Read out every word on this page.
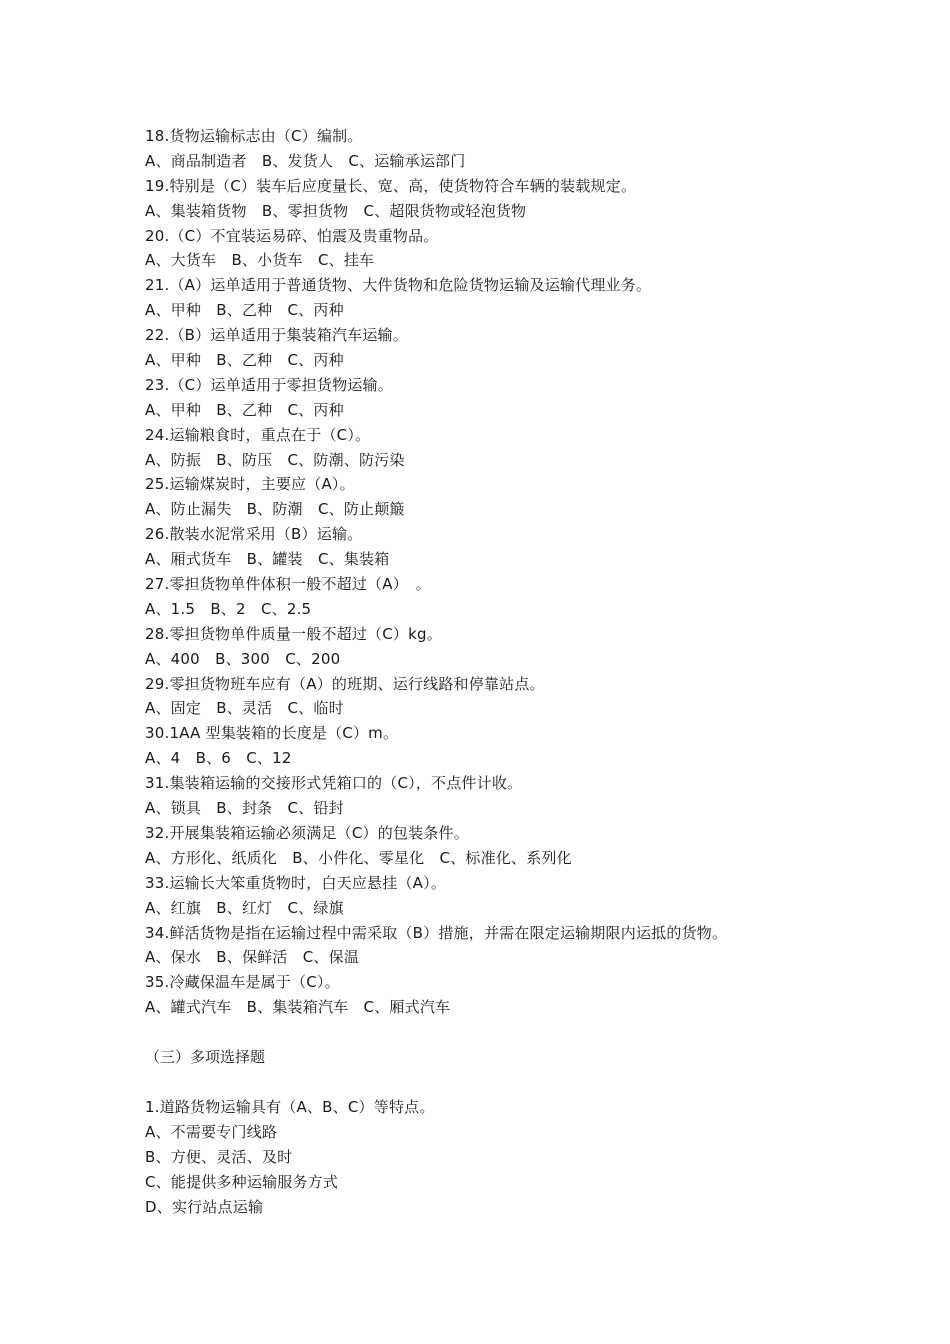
18.货物运输标志由（C）编制。
A、商品制造者　B、发货人　C、运输承运部门
19.特别是（C）装车后应度量长、宽、高，使货物符合车辆的装载规定。
A、集装箱货物　B、零担货物　C、超限货物或轻泡货物
20.（C）不宜装运易碎、怕震及贵重物品。
A、大货车　B、小货车　C、挂车
21.（A）运单适用于普通货物、大件货物和危险货物运输及运输代理业务。
A、甲种　B、乙种　C、丙种
22.（B）运单适用于集装箱汽车运输。
A、甲种　B、乙种　C、丙种
23.（C）运单适用于零担货物运输。
A、甲种　B、乙种　C、丙种
24.运输粮食时，重点在于（C）。
A、防振　B、防压　C、防潮、防污染
25.运输煤炭时，主要应（A）。
A、防止漏失　B、防潮　C、防止颠簸
26.散装水泥常采用（B）运输。
A、厢式货车　B、罐装　C、集装箱
27.零担货物单件体积一般不超过（A）　。
A、1.5　B、2　C、2.5
28.零担货物单件质量一般不超过（C）kg。
A、400　B、300　C、200
29.零担货物班车应有（A）的班期、运行线路和停靠站点。
A、固定　B、灵活　C、临时
30.1AA 型集装箱的长度是（C）m。
A、4　B、6　C、12
31.集装箱运输的交接形式凭箱口的（C），不点件计收。
A、锁具　B、封条　C、铅封
32.开展集装箱运输必须满足（C）的包装条件。
A、方形化、纸质化　B、小件化、零星化　C、标准化、系列化
33.运输长大笨重货物时，白天应悬挂（A）。
A、红旗　B、红灯　C、绿旗
34.鲜活货物是指在运输过程中需采取（B）措施，并需在限定运输期限内运抵的货物。
A、保水　B、保鲜活　C、保温
35.冷藏保温车是属于（C）。
A、罐式汽车　B、集装箱汽车　C、厢式汽车
（三）多项选择题
1.道路货物运输具有（A、B、C）等特点。
A、不需要专门线路
B、方便、灵活、及时
C、能提供多种运输服务方式
D、实行站点运输
